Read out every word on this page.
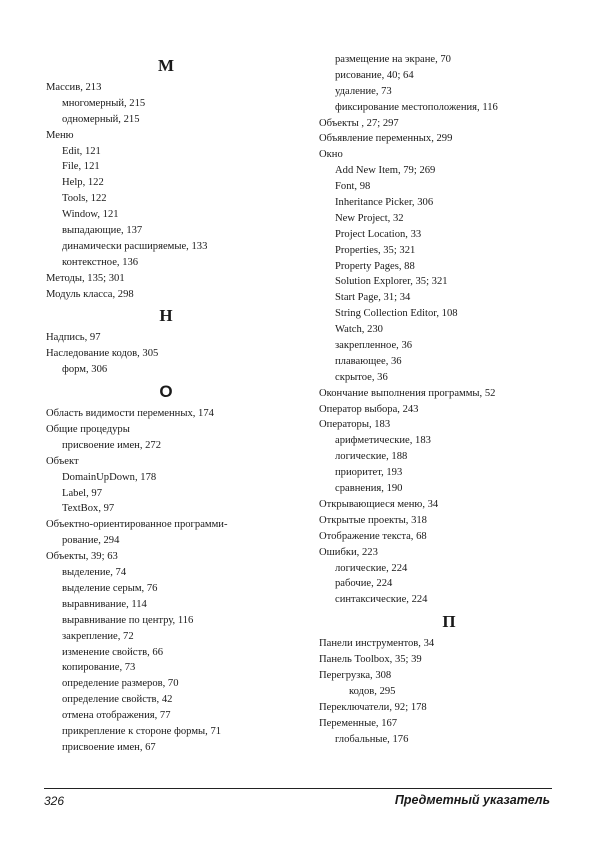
М
Массив, 213
многомерный, 215
одномерный, 215
Меню
Edit, 121
File, 121
Help, 122
Tools, 122
Window, 121
выпадающие, 137
динамически расширяемые, 133
контекстное, 136
Методы, 135; 301
Модуль класса, 298
Н
Надпись, 97
Наследование кодов, 305
форм, 306
О
Область видимости переменных, 174
Общие процедуры
присвоение имен, 272
Объект
DomainUpDown, 178
Label, 97
TextBox, 97
Объектно-ориентированное программи-
рование, 294
Объекты, 39; 63
выделение, 74
выделение серым, 76
выравнивание, 114
выравнивание по центру, 116
закрепление, 72
изменение свойств, 66
копирование, 73
определение размеров, 70
определение свойств, 42
отмена отображения, 77
прикрепление к стороне формы, 71
присвоение имен, 67
размещение на экране, 70
рисование, 40; 64
удаление, 73
фиксирование местоположения, 116
Объекты , 27; 297
Объявление переменных, 299
Окно
Add New Item, 79; 269
Font, 98
Inheritance Picker, 306
New Project, 32
Project Location, 33
Properties, 35; 321
Property Pages, 88
Solution Explorer, 35; 321
Start Page, 31; 34
String Collection Editor, 108
Watch, 230
закрепленное, 36
плавающее, 36
скрытое, 36
Окончание выполнения программы, 52
Оператор выбора, 243
Операторы, 183
арифметические, 183
логические, 188
приоритет, 193
сравнения, 190
Открывающиеся меню, 34
Открытые проекты, 318
Отображение текста, 68
Ошибки, 223
логические, 224
рабочие, 224
синтаксические, 224
П
Панели инструментов, 34
Панель Toolbox, 35; 39
Перегрузка, 308
кодов, 295
Переключатели, 92; 178
Переменные, 167
глобальные, 176
326	Предметный указатель
